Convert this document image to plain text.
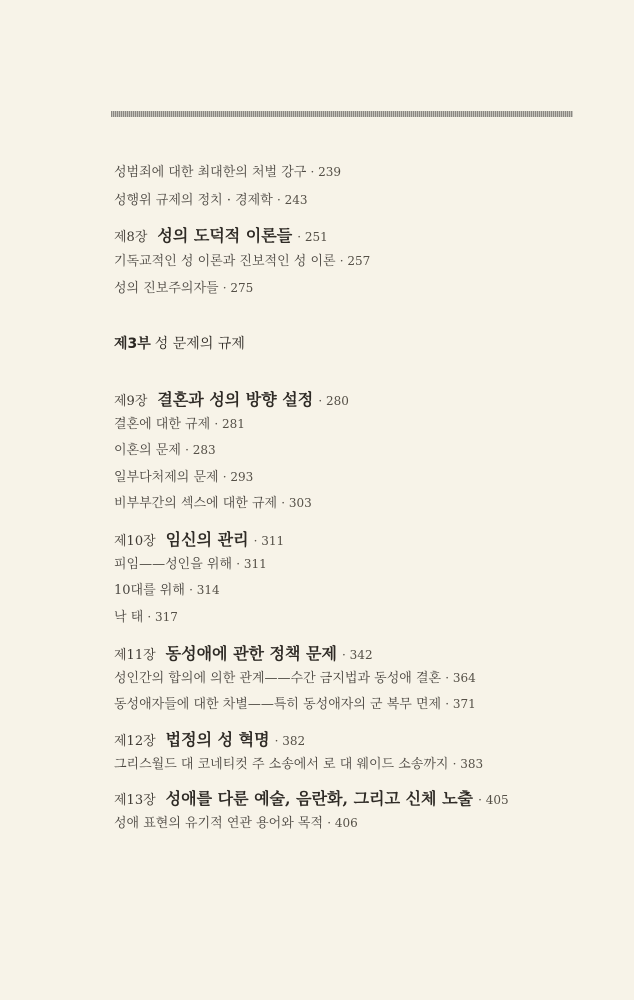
성범죄에 대한 최대한의 처벌 강구 · 239
성행위 규제의 정치 · 경제학 · 243
제8장 성의 도덕적 이론들 · 251
기독교적인 성 이론과 진보적인 성 이론 · 257
성의 진보주의자들 · 275
제3부 성 문제의 규제
제9장 결혼과 성의 방향 설정 · 280
결혼에 대한 규제 · 281
이혼의 문제 · 283
일부다처제의 문제 · 293
비부부간의 섹스에 대한 규제 · 303
제10장 임신의 관리 · 311
피임——성인을 위해 · 311
10대를 위해 · 314
낙 태 · 317
제11장 동성애에 관한 정책 문제 · 342
성인간의 합의에 의한 관계——수간 금지법과 동성애 결혼 · 364
동성애자들에 대한 차별——특히 동성애자의 군 복무 면제 · 371
제12장 법정의 성 혁명 · 382
그리스월드 대 코네티컷 주 소송에서 로 대 웨이드 소송까지 · 383
제13장 성애를 다룬 예술, 음란화, 그리고 신체 노출 · 405
성애 표현의 유기적 연관 용어와 목적 · 406
